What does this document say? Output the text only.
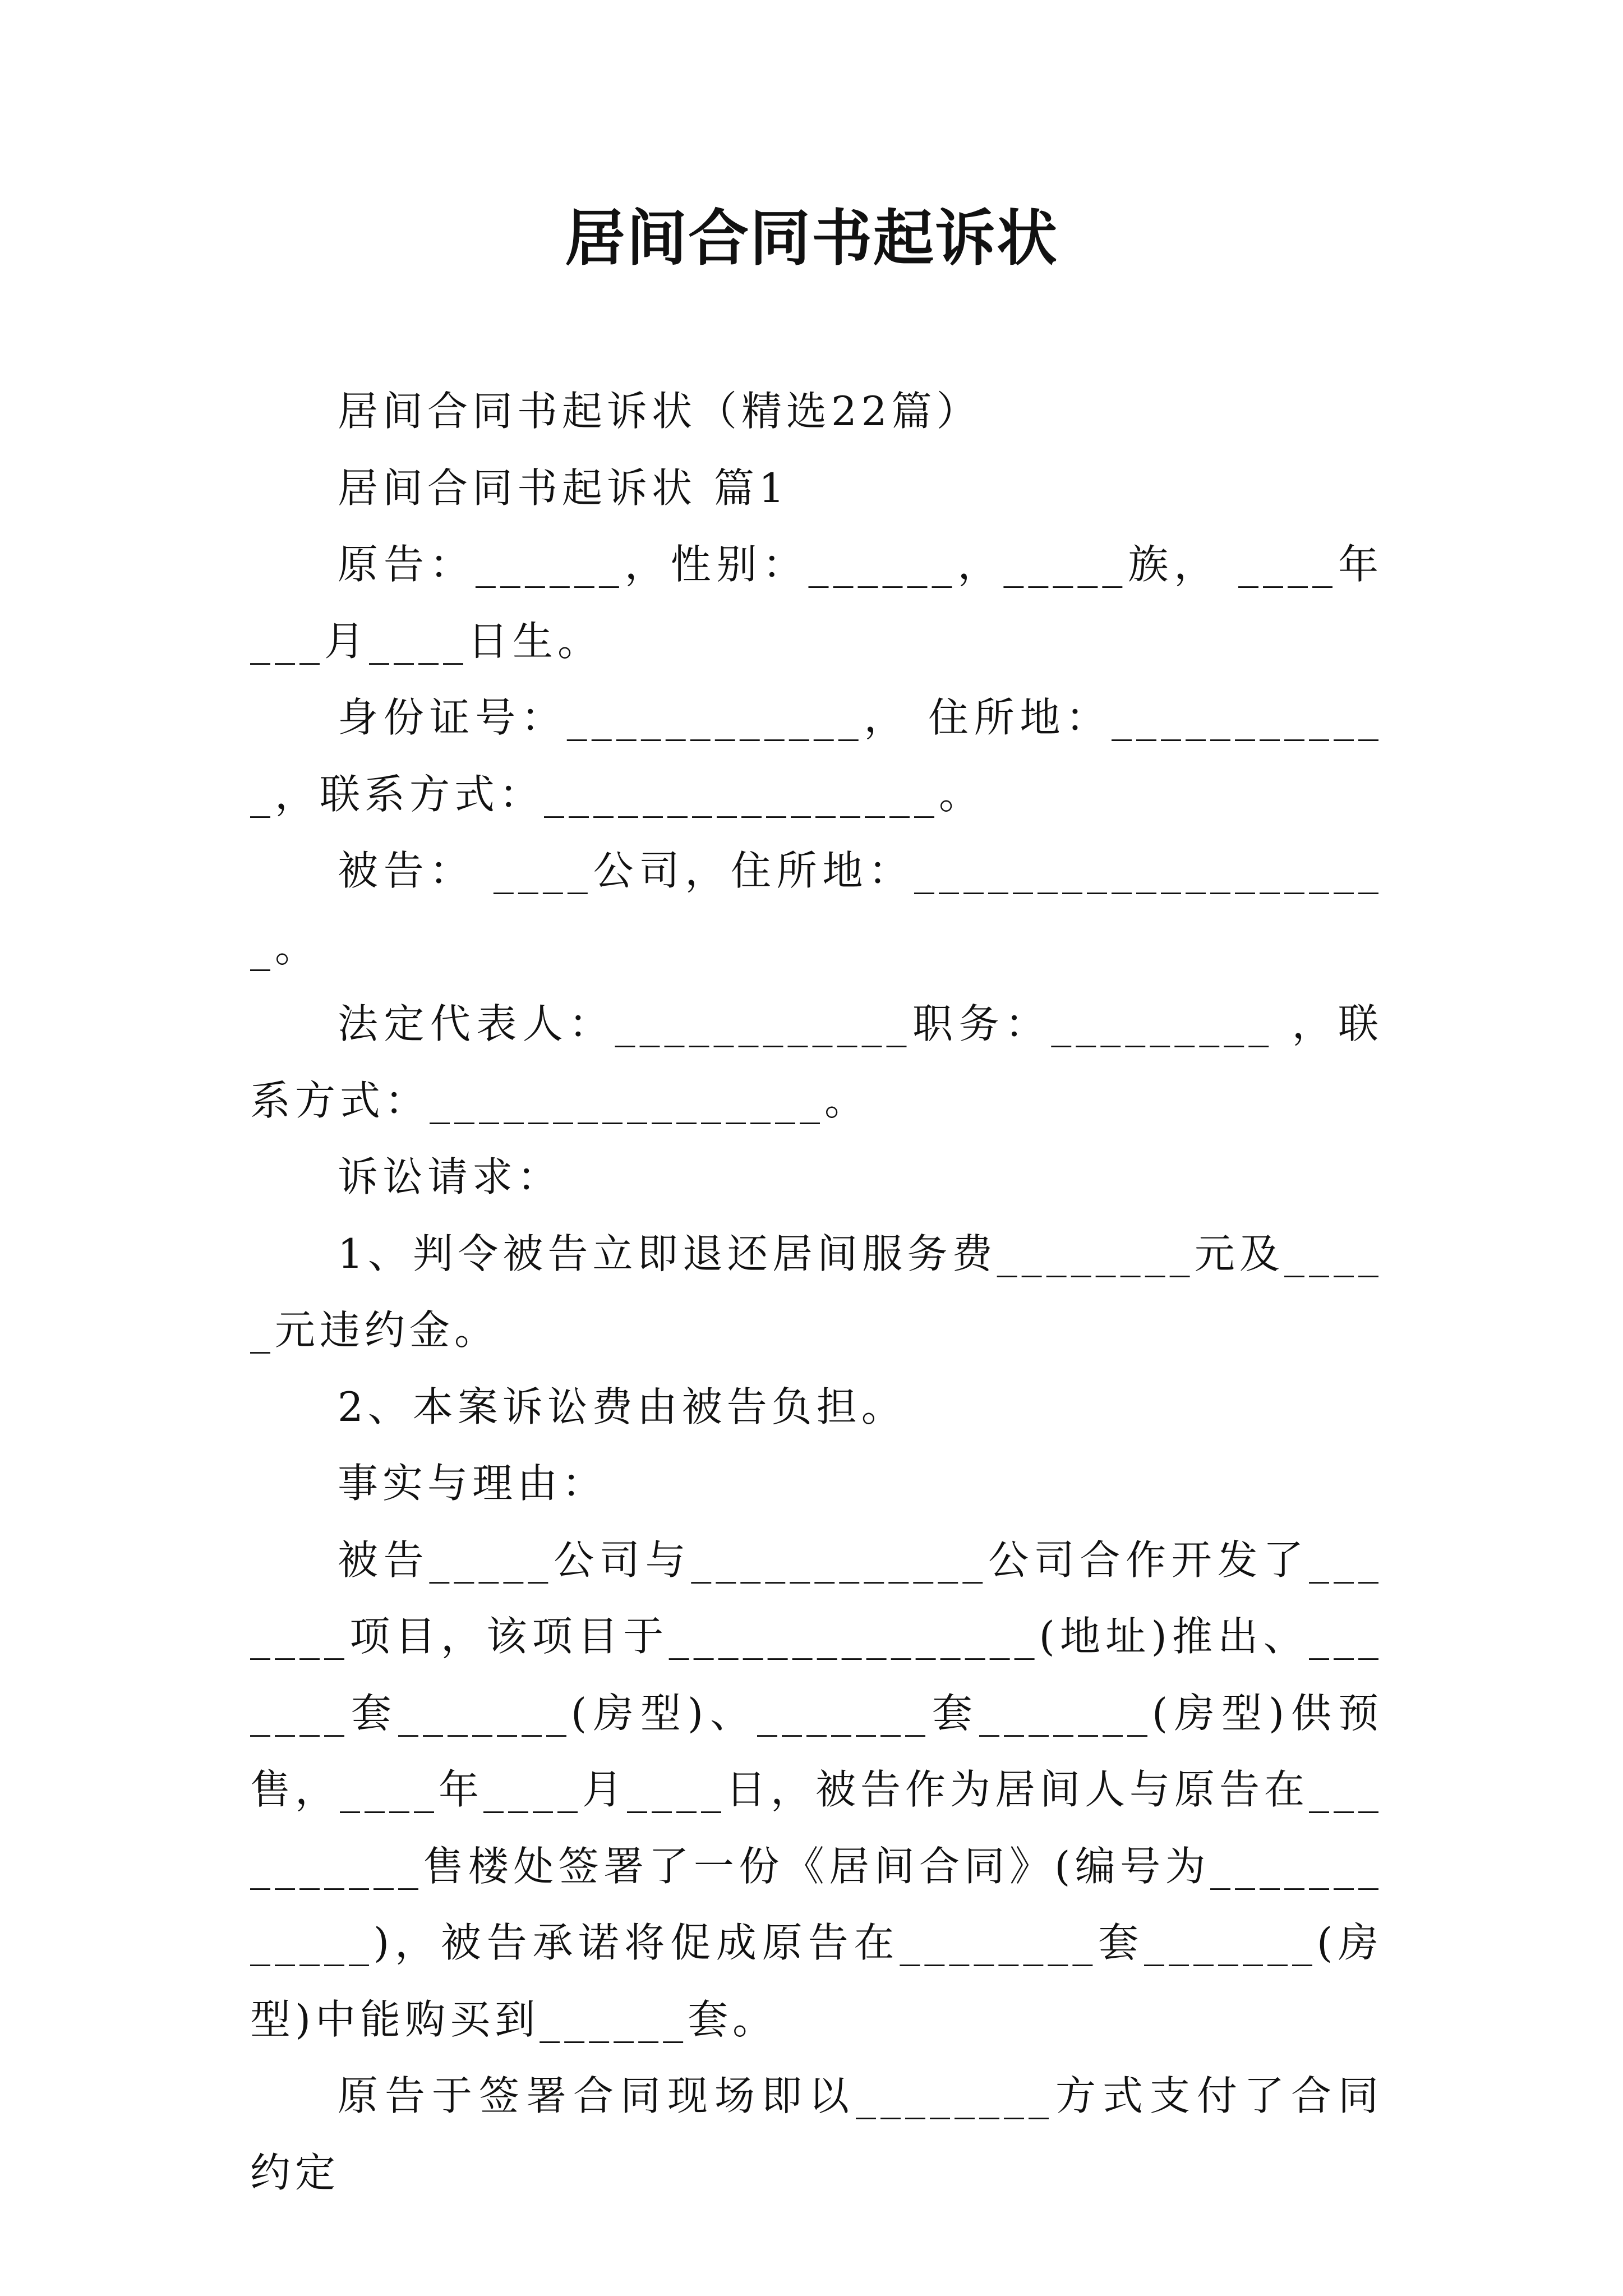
居间合同书起诉状

居间合同书起诉状（精选22篇）

居间合同书起诉状 篇1

原告：______，性别：______，_____族， ____年___月____日生。

身份证号：____________， 住所地：____________，联系方式：________________。

被告： ____公司，住所地：____________________。

法定代表人：____________职务：_________ ，联系方式：________________。

诉讼请求：

1、判令被告立即退还居间服务费________元及_____元违约金。

2、本案诉讼费由被告负担。

事实与理由：

被告_____公司与____________公司合作开发了_______项目，该项目于_______________(地址)推出、_______套_______(房型)、_______套_______(房型)供预售，____年____月____日，被告作为居间人与原告在__________售楼处签署了一份《居间合同》(编号为____________)，被告承诺将促成原告在________套_______(房型)中能购买到______套。

原告于签署合同现场即以________方式支付了合同约定
